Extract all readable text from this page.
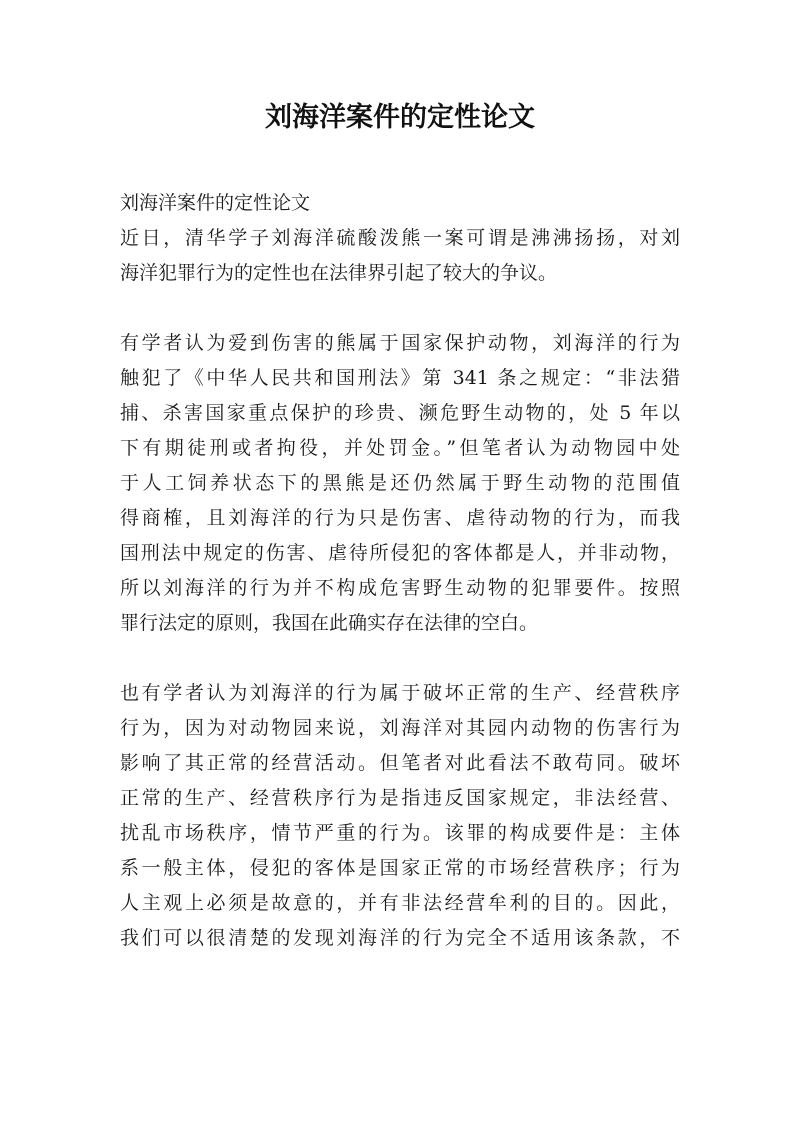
刘海洋案件的定性论文

刘海洋案件的定性论文

近日，清华学子刘海洋硫酸泼熊一案可谓是沸沸扬扬，对刘
海洋犯罪行为的定性也在法律界引起了较大的争议。

有学者认为爱到伤害的熊属于国家保护动物，刘海洋的行为
触犯了《中华人民共和国刑法》第 341 条之规定：“非法猎
捕、杀害国家重点保护的珍贵、濒危野生动物的，处 5 年以
下有期徒刑或者拘役，并处罚金。”但笔者认为动物园中处
于人工饲养状态下的黑熊是还仍然属于野生动物的范围值
得商榷，且刘海洋的行为只是伤害、虐待动物的行为，而我
国刑法中规定的伤害、虐待所侵犯的客体都是人，并非动物，
所以刘海洋的行为并不构成危害野生动物的犯罪要件。按照
罪行法定的原则，我国在此确实存在法律的空白。

也有学者认为刘海洋的行为属于破坏正常的生产、经营秩序
行为，因为对动物园来说，刘海洋对其园内动物的伤害行为
影响了其正常的经营活动。但笔者对此看法不敢苟同。破坏
正常的生产、经营秩序行为是指违反国家规定，非法经营、
扰乱市场秩序，情节严重的行为。该罪的构成要件是：主体
系一般主体，侵犯的客体是国家正常的市场经营秩序；行为
人主观上必须是故意的，并有非法经营牟利的目的。因此，
我们可以很清楚的发现刘海洋的行为完全不适用该条款，不
